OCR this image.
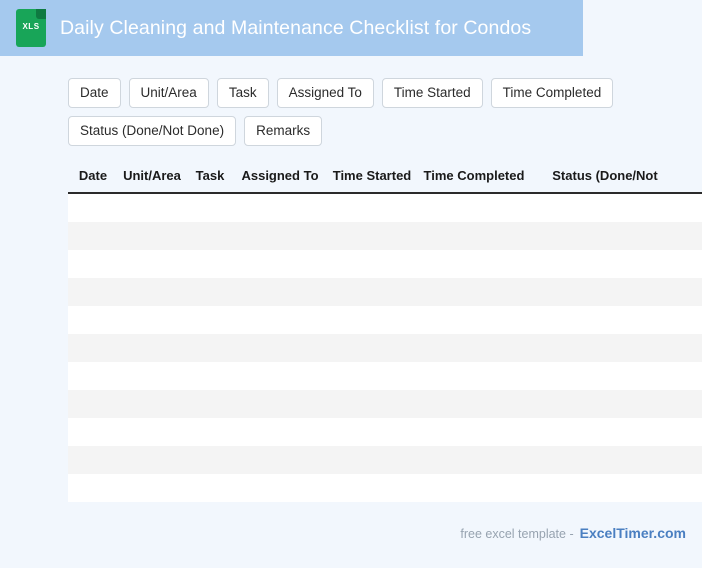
XLS	Daily Cleaning and Maintenance Checklist for Condos
Date	Unit/Area	Task	Assigned To	Time Started	Time Completed
Status (Done/Not Done)	Remarks
Date	Unit/Area	Task	Assigned To	Time Started	Time Completed	Status (Done/Not	

free excel template - ExcelTimer.com
